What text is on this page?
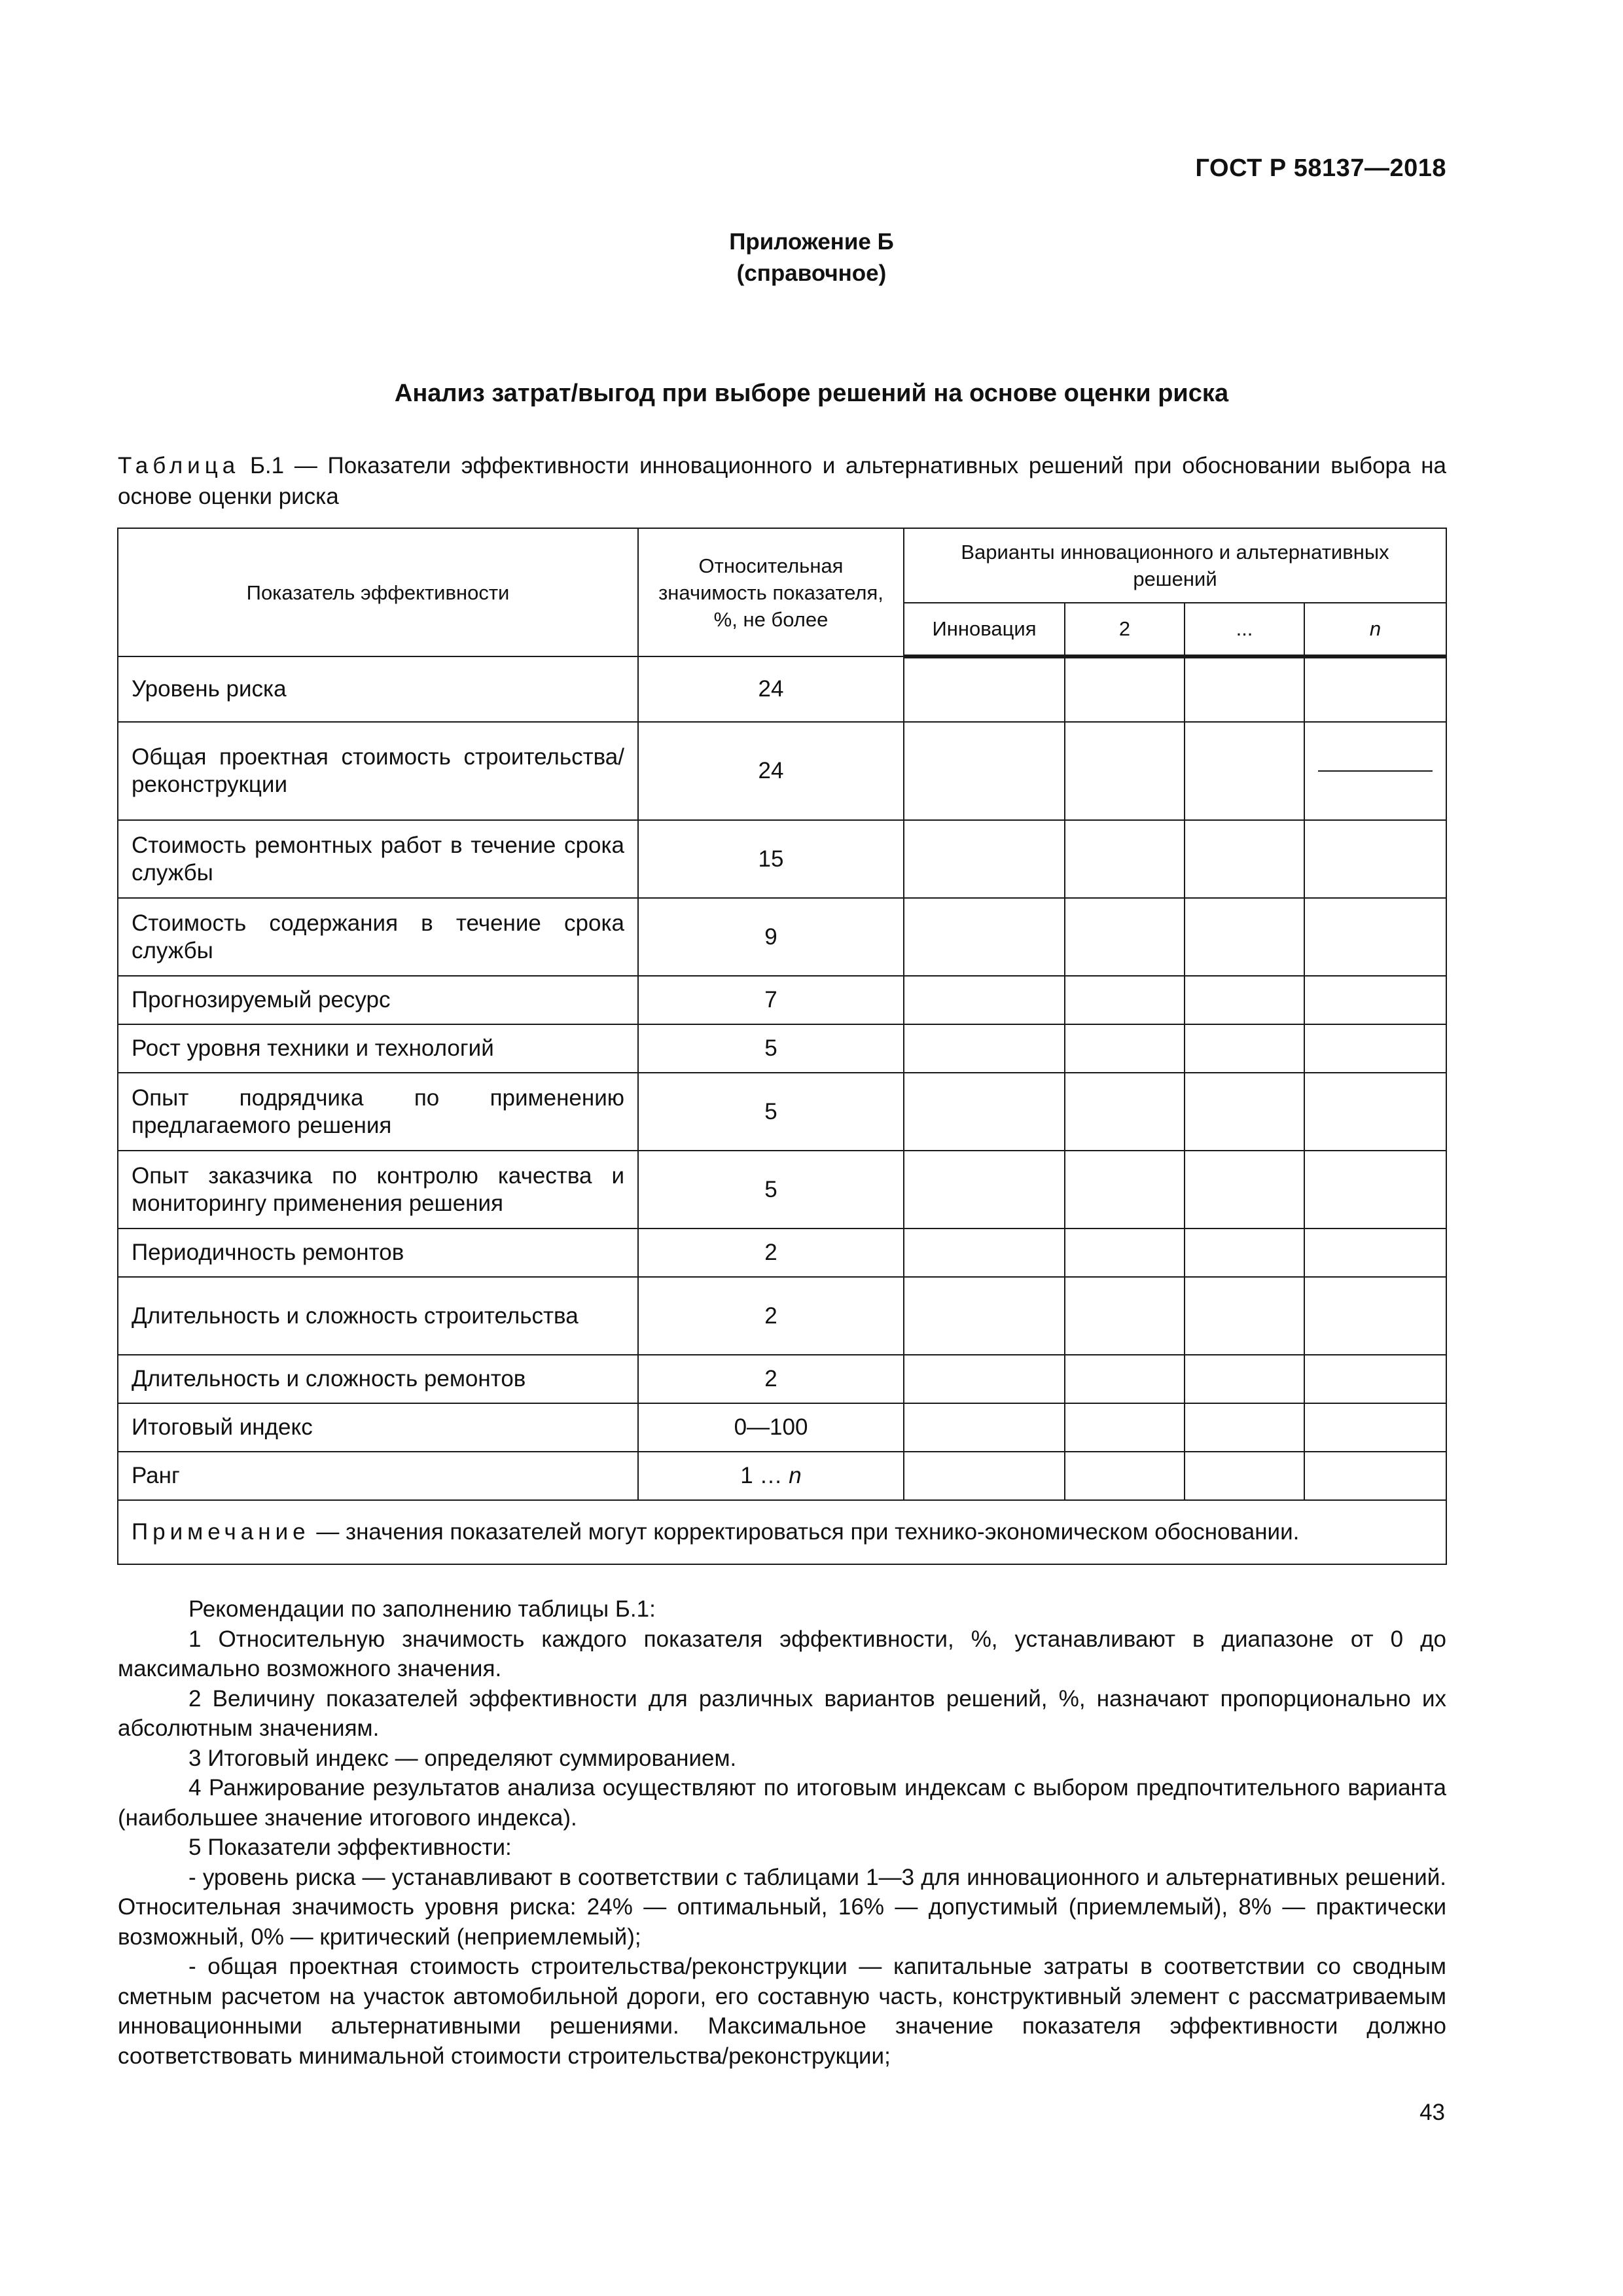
ГОСТ Р 58137—2018
Приложение Б
(справочное)
Анализ затрат/выгод при выборе решений на основе оценки риска
Таблица Б.1 — Показатели эффективности инновационного и альтернативных решений при обосновании выбора на основе оценки риска
Показатель эффективности	Относительная значимость показателя, %, не более	Варианты инновационного и альтернативных решений			
		Инновация	2	...	n
Уровень риска	24				
Общая проектная стоимость строительства/реконструкции	24				

Стоимость ремонтных работ в течение срока службы	15				
Стоимость содержания в течение срока службы	9				
Прогнозируемый ресурс	7				
Рост уровня техники и технологий	5				
Опыт подрядчика по применению предлагаемого решения	5				
Опыт заказчика по контролю качества и мониторингу применения решения	5				
Периодичность ремонтов	2				
Длительность и сложность строительства	2				
Длительность и сложность ремонтов	2				
Итоговый индекс	0—100				
Ранг	1 … n				
Примечание — значения показателей могут корректироваться при технико-экономическом обосновании.					

Рекомендации по заполнению таблицы Б.1:

1 Относительную значимость каждого показателя эффективности, %, устанавливают в диапазоне от 0 до максимально возможного значения.

2 Величину показателей эффективности для различных вариантов решений, %, назначают пропорционально их абсолютным значениям.

3 Итоговый индекс — определяют суммированием.

4 Ранжирование результатов анализа осуществляют по итоговым индексам с выбором предпочтительного варианта (наибольшее значение итогового индекса).

5 Показатели эффективности:

- уровень риска — устанавливают в соответствии с таблицами 1—3 для инновационного и альтернативных решений. Относительная значимость уровня риска: 24% — оптимальный, 16% — допустимый (приемлемый), 8% — практически возможный, 0% — критический (неприемлемый);

- общая проектная стоимость строительства/реконструкции — капитальные затраты в соответствии со сводным сметным расчетом на участок автомобильной дороги, его составную часть, конструктивный элемент с рассматриваемым инновационными альтернативными решениями. Максимальное значение показателя эффективности должно соответствовать минимальной стоимости строительства/реконструкции;

43
